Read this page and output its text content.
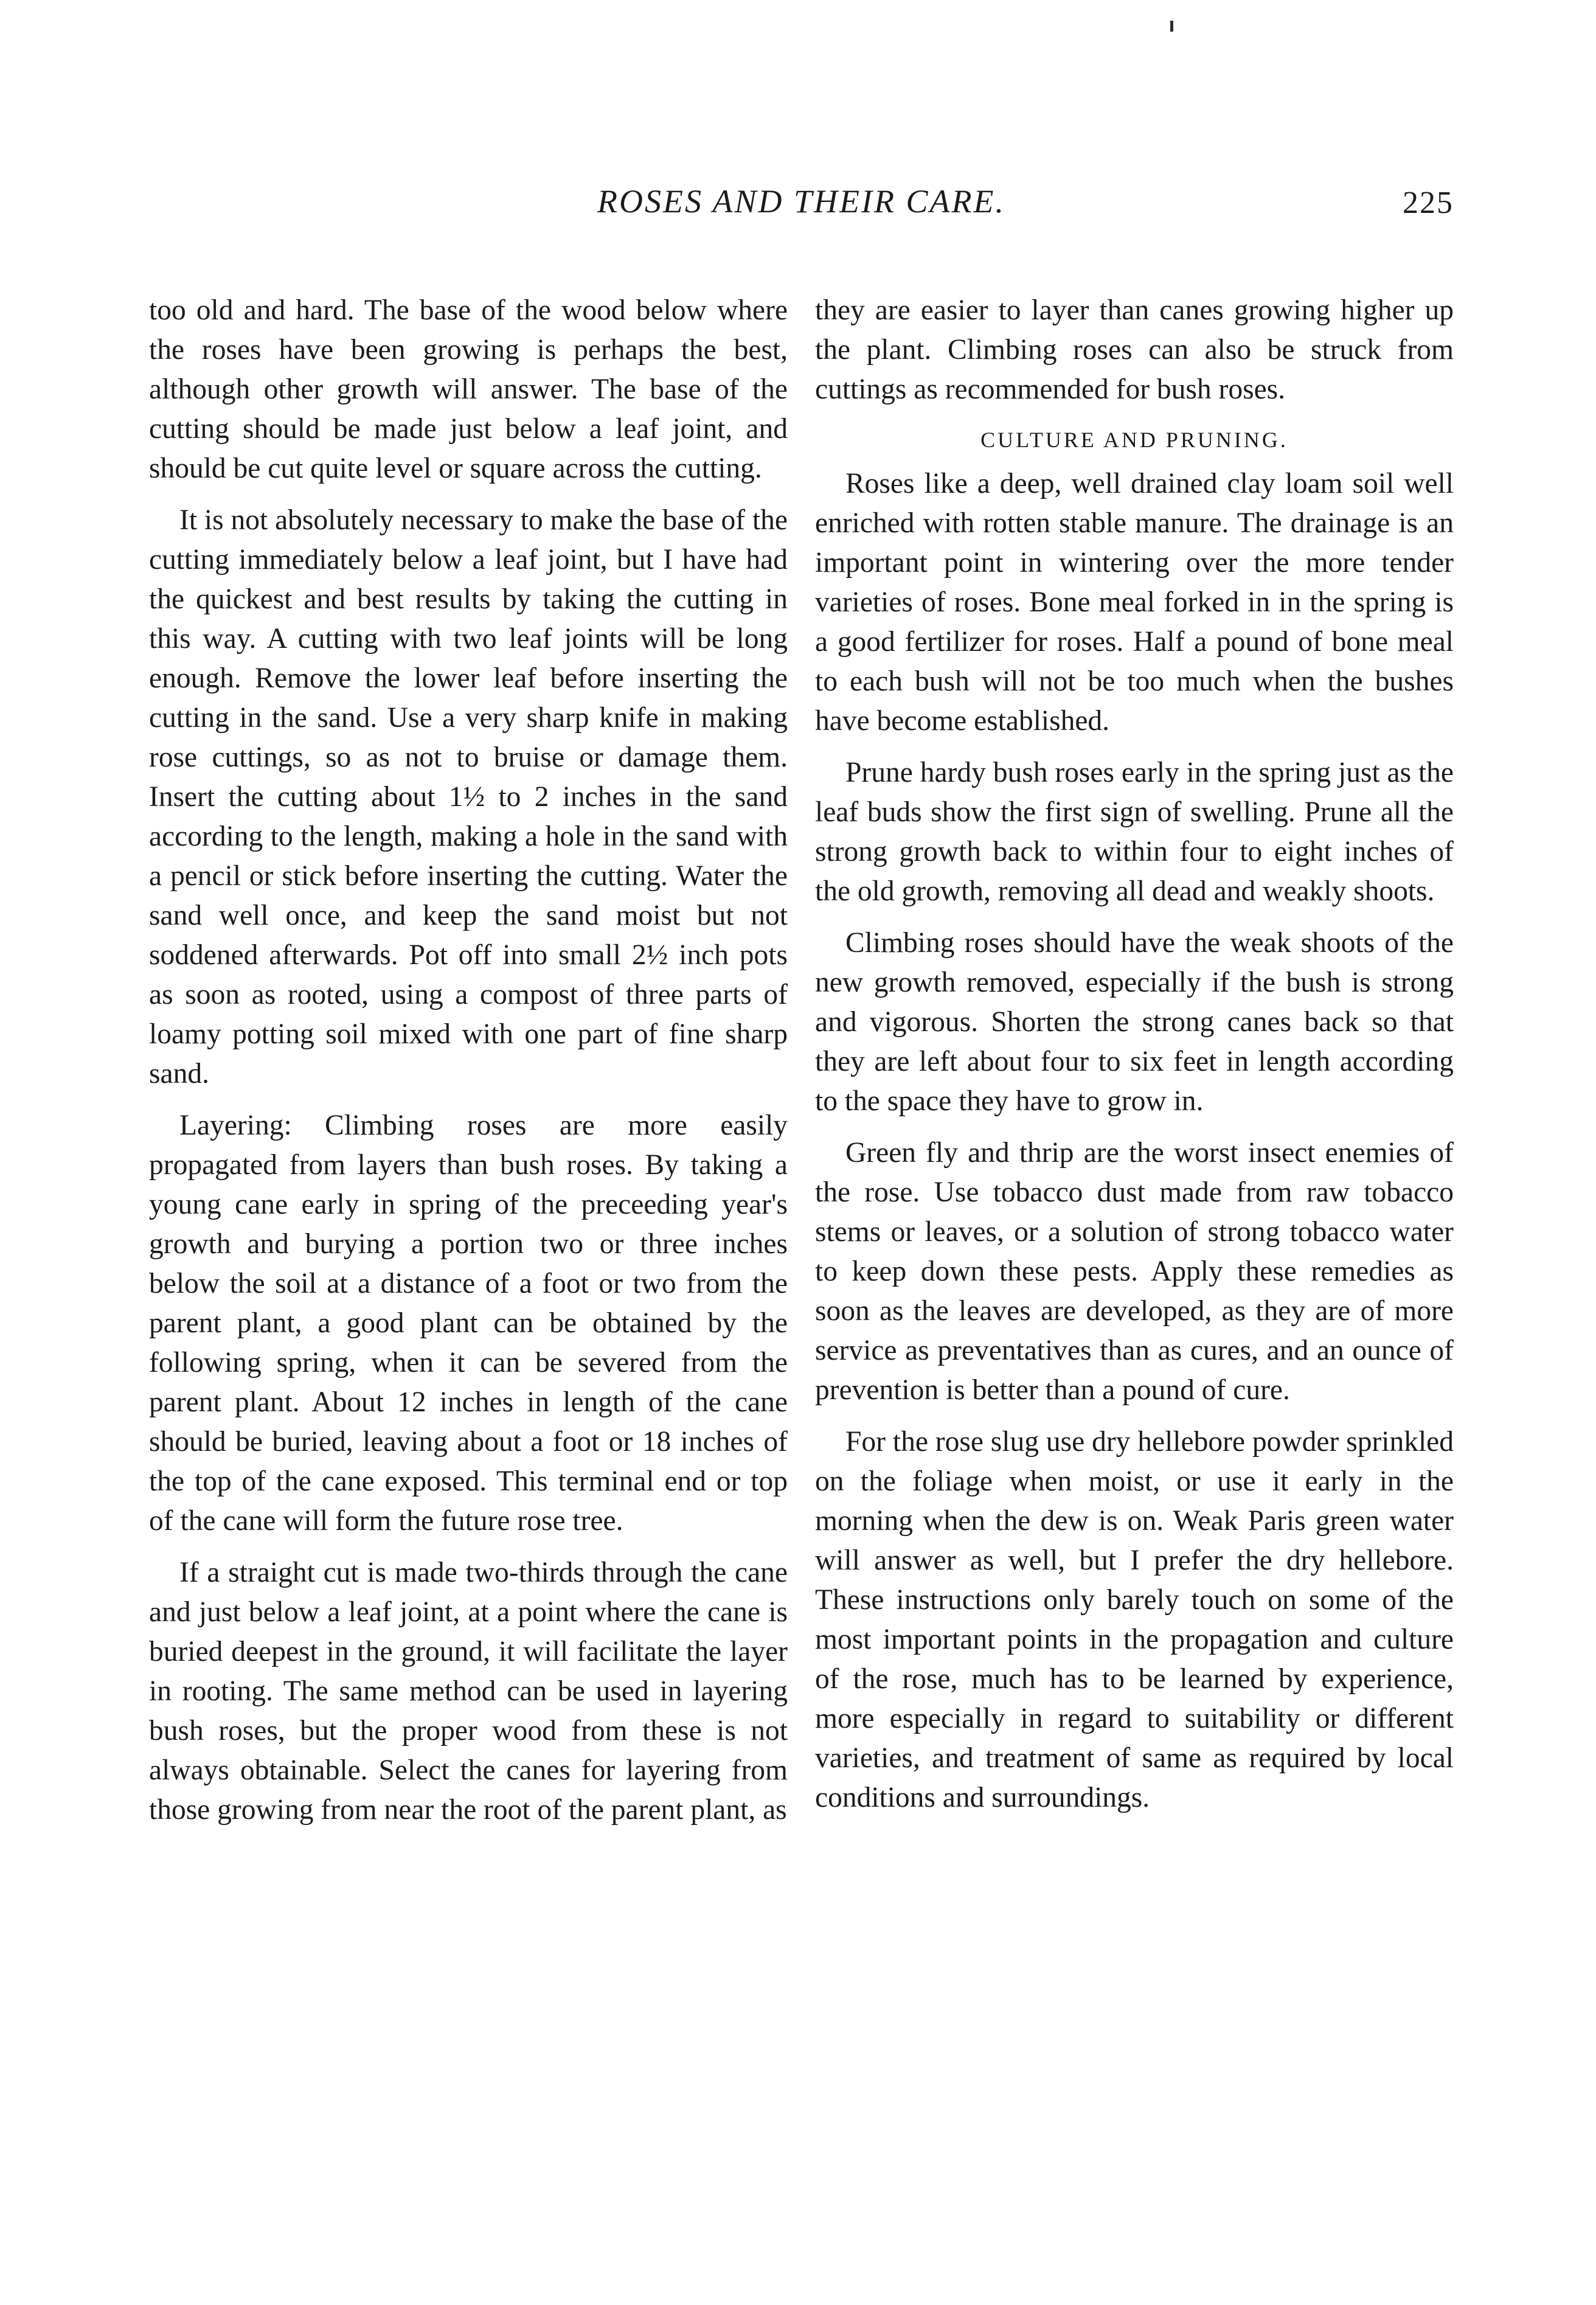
ROSES AND THEIR CARE.	225

too old and hard. The base of the wood below where the roses have been growing is perhaps the best, although other growth will answer. The base of the cutting should be made just below a leaf joint, and should be cut quite level or square across the cutting.

It is not absolutely necessary to make the base of the cutting immediately below a leaf joint, but I have had the quickest and best results by taking the cutting in this way. A cutting with two leaf joints will be long enough. Remove the lower leaf before inserting the cutting in the sand. Use a very sharp knife in making rose cuttings, so as not to bruise or damage them. Insert the cutting about 1½ to 2 inches in the sand according to the length, making a hole in the sand with a pencil or stick before inserting the cutting. Water the sand well once, and keep the sand moist but not soddened afterwards. Pot off into small 2½ inch pots as soon as rooted, using a compost of three parts of loamy potting soil mixed with one part of fine sharp sand.

Layering: Climbing roses are more easily propagated from layers than bush roses. By taking a young cane early in spring of the preceeding year's growth and burying a portion two or three inches below the soil at a distance of a foot or two from the parent plant, a good plant can be obtained by the following spring, when it can be severed from the parent plant. About 12 inches in length of the cane should be buried, leaving about a foot or 18 inches of the top of the cane exposed. This terminal end or top of the cane will form the future rose tree.

If a straight cut is made two-thirds through the cane and just below a leaf joint, at a point where the cane is buried deepest in the ground, it will facilitate the layer in rooting. The same method can be used in layering bush roses, but the proper wood from these is not always obtainable. Select the canes for layering from those growing from near the root of the parent plant, as

they are easier to layer than canes growing higher up the plant. Climbing roses can also be struck from cuttings as recommended for bush roses.

CULTURE AND PRUNING.

Roses like a deep, well drained clay loam soil well enriched with rotten stable manure. The drainage is an important point in wintering over the more tender varieties of roses. Bone meal forked in in the spring is a good fertilizer for roses. Half a pound of bone meal to each bush will not be too much when the bushes have become established.

Prune hardy bush roses early in the spring just as the leaf buds show the first sign of swelling. Prune all the strong growth back to within four to eight inches of the old growth, removing all dead and weakly shoots.

Climbing roses should have the weak shoots of the new growth removed, especially if the bush is strong and vigorous. Shorten the strong canes back so that they are left about four to six feet in length according to the space they have to grow in.

Green fly and thrip are the worst insect enemies of the rose. Use tobacco dust made from raw tobacco stems or leaves, or a solution of strong tobacco water to keep down these pests. Apply these remedies as soon as the leaves are developed, as they are of more service as preventatives than as cures, and an ounce of prevention is better than a pound of cure.

For the rose slug use dry hellebore powder sprinkled on the foliage when moist, or use it early in the morning when the dew is on. Weak Paris green water will answer as well, but I prefer the dry hellebore. These instructions only barely touch on some of the most important points in the propagation and culture of the rose, much has to be learned by experience, more especially in regard to suitability or different varieties, and treatment of same as required by local conditions and surroundings.
